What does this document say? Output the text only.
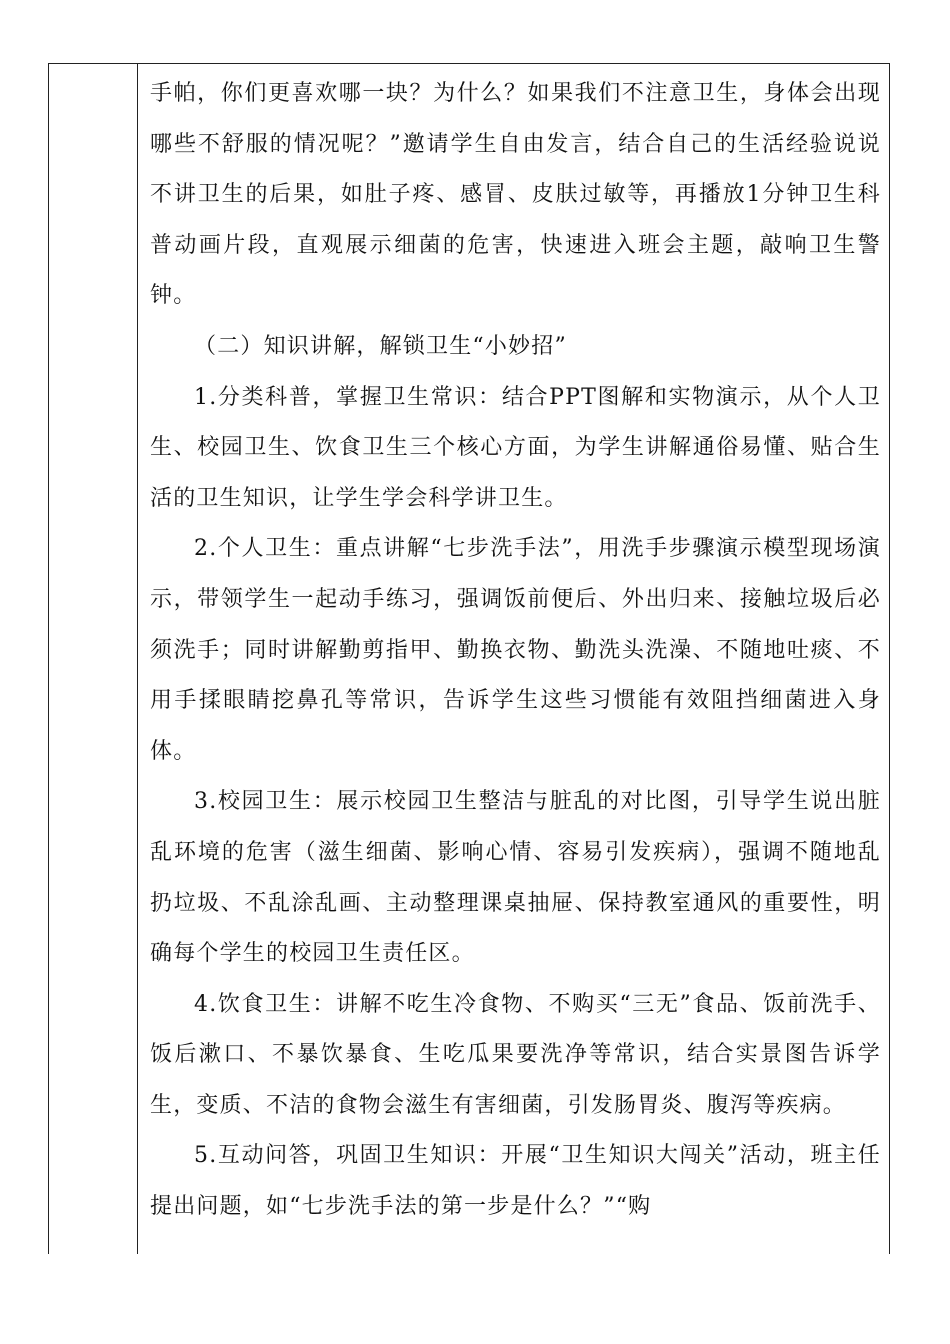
手帕，你们更喜欢哪一块？为什么？如果我们不注意卫生，身体会出现哪些不舒服的情况呢？”邀请学生自由发言，结合自己的生活经验说说不讲卫生的后果，如肚子疼、感冒、皮肤过敏等，再播放1分钟卫生科普动画片段，直观展示细菌的危害，快速进入班会主题，敲响卫生警钟。

（二）知识讲解，解锁卫生“小妙招”

1.分类科普，掌握卫生常识：结合PPT图解和实物演示，从个人卫生、校园卫生、饮食卫生三个核心方面，为学生讲解通俗易懂、贴合生活的卫生知识，让学生学会科学讲卫生。

2.个人卫生：重点讲解“七步洗手法”，用洗手步骤演示模型现场演示，带领学生一起动手练习，强调饭前便后、外出归来、接触垃圾后必须洗手；同时讲解勤剪指甲、勤换衣物、勤洗头洗澡、不随地吐痰、不用手揉眼睛挖鼻孔等常识，告诉学生这些习惯能有效阻挡细菌进入身体。

3.校园卫生：展示校园卫生整洁与脏乱的对比图，引导学生说出脏乱环境的危害（滋生细菌、影响心情、容易引发疾病），强调不随地乱扔垃圾、不乱涂乱画、主动整理课桌抽屉、保持教室通风的重要性，明确每个学生的校园卫生责任区。

4.饮食卫生：讲解不吃生冷食物、不购买“三无”食品、饭前洗手、饭后漱口、不暴饮暴食、生吃瓜果要洗净等常识，结合实景图告诉学生，变质、不洁的食物会滋生有害细菌，引发肠胃炎、腹泻等疾病。

5.互动问答，巩固卫生知识：开展“卫生知识大闯关”活动，班主任提出问题，如“七步洗手法的第一步是什么？”“购
